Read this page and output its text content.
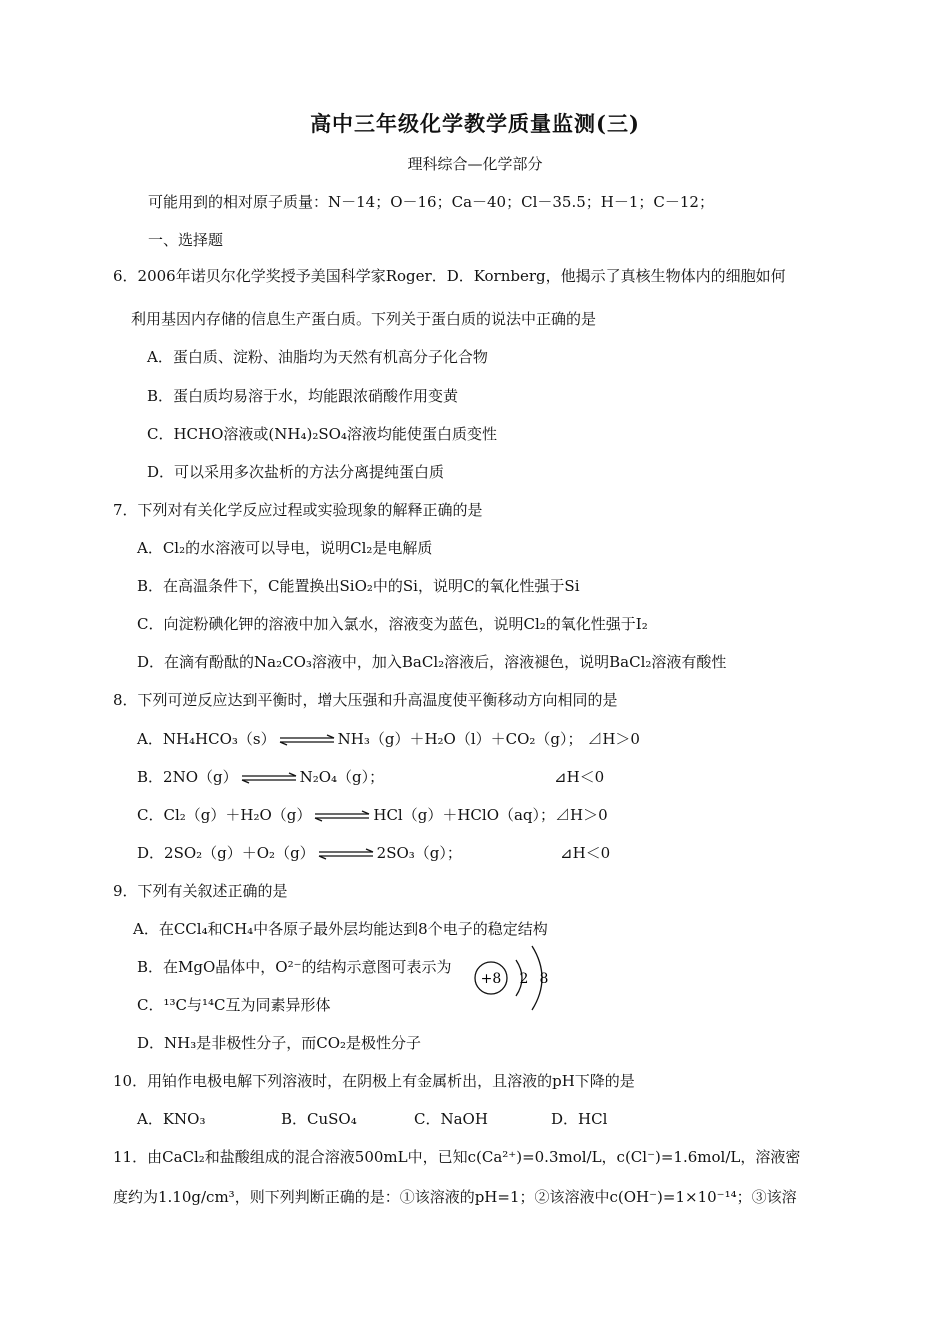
高中三年级化学教学质量监测(三)
理科综合—化学部分
可能用到的相对原子质量：N－14；O－16；Ca－40；Cl－35.5；H－1；C－12；
一、选择题
6．2006年诺贝尔化学奖授予美国科学家Roger．D．Kornberg，他揭示了真核生物体内的细胞如何
利用基因内存储的信息生产蛋白质。下列关于蛋白质的说法中正确的是
A．蛋白质、淀粉、油脂均为天然有机高分子化合物
B．蛋白质均易溶于水，均能跟浓硝酸作用变黄
C．HCHO溶液或(NH₄)₂SO₄溶液均能使蛋白质变性
D．可以采用多次盐析的方法分离提纯蛋白质
7．下列对有关化学反应过程或实验现象的解释正确的是
A．Cl₂的水溶液可以导电，说明Cl₂是电解质
B．在高温条件下，C能置换出SiO₂中的Si，说明C的氧化性强于Si
C．向淀粉碘化钾的溶液中加入氯水，溶液变为蓝色，说明Cl₂的氧化性强于I₂
D．在滴有酚酞的Na₂CO₃溶液中，加入BaCl₂溶液后，溶液褪色，说明BaCl₂溶液有酸性
8．下列可逆反应达到平衡时，增大压强和升高温度使平衡移动方向相同的是
A．NH₄HCO₃（s） ⇌ NH₃（g）＋H₂O（l）＋CO₂（g）； ⊿H＞0
B．2NO（g） ⇌ N₂O₄（g）；	⊿H＜0
C．Cl₂（g）＋H₂O（g） ⇌ HCl（g）＋HClO（aq）；⊿H＞0
D．2SO₂（g）＋O₂（g） ⇌ 2SO₃（g）；	⊿H＜0
9．下列有关叙述正确的是
A．在CCl₄和CH₄中各原子最外层均能达到8个电子的稳定结构
B．在MgO晶体中，O²⁻的结构示意图可表示为
+8 2 8
C．¹³C与¹⁴C互为同素异形体
D．NH₃是非极性分子，而CO₂是极性分子
10．用铂作电极电解下列溶液时，在阴极上有金属析出，且溶液的pH下降的是
A．KNO₃	B．CuSO₄	C．NaOH	D．HCl
11．由CaCl₂和盐酸组成的混合溶液500mL中，已知c(Ca²⁺)=0.3mol/L，c(Cl⁻)=1.6mol/L，溶液密
度约为1.10g/cm³，则下列判断正确的是：①该溶液的pH=1；②该溶液中c(OH⁻)=1×10⁻¹⁴；③该溶
